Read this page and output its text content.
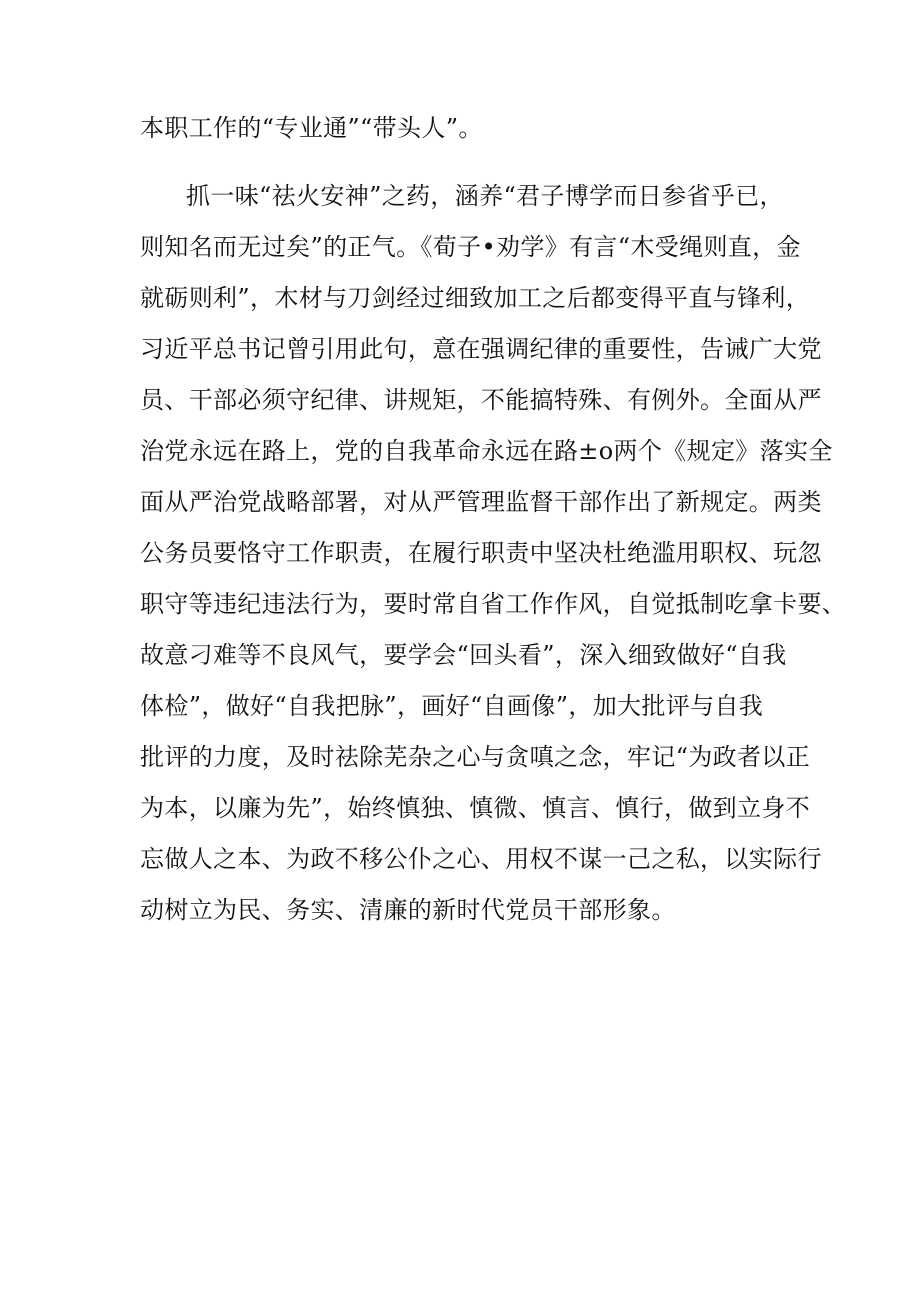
本职工作的“专业通”“带头人”。
抓一味“祛火安神”之药，涵养“君子博学而日参省乎已，
则知名而无过矣”的正气。《荀子•劝学》有言“木受绳则直，金
就砺则利”，木材与刀剑经过细致加工之后都变得平直与锋利，
习近平总书记曾引用此句，意在强调纪律的重要性，告诫广大党
员、干部必须守纪律、讲规矩，不能搞特殊、有例外。全面从严
治党永远在路上，党的自我革命永远在路±o两个《规定》落实全
面从严治党战略部署，对从严管理监督干部作出了新规定。两类
公务员要恪守工作职责，在履行职责中坚决杜绝滥用职权、玩忽
职守等违纪违法行为，要时常自省工作作风，自觉抵制吃拿卡要、
故意刁难等不良风气，要学会“回头看”，深入细致做好“自我
体检”，做好“自我把脉”，画好“自画像”，加大批评与自我
批评的力度，及时祛除芜杂之心与贪嗔之念，牢记“为政者以正
为本，以廉为先”，始终慎独、慎微、慎言、慎行，做到立身不
忘做人之本、为政不移公仆之心、用权不谋一己之私，以实际行
动树立为民、务实、清廉的新时代党员干部形象。
